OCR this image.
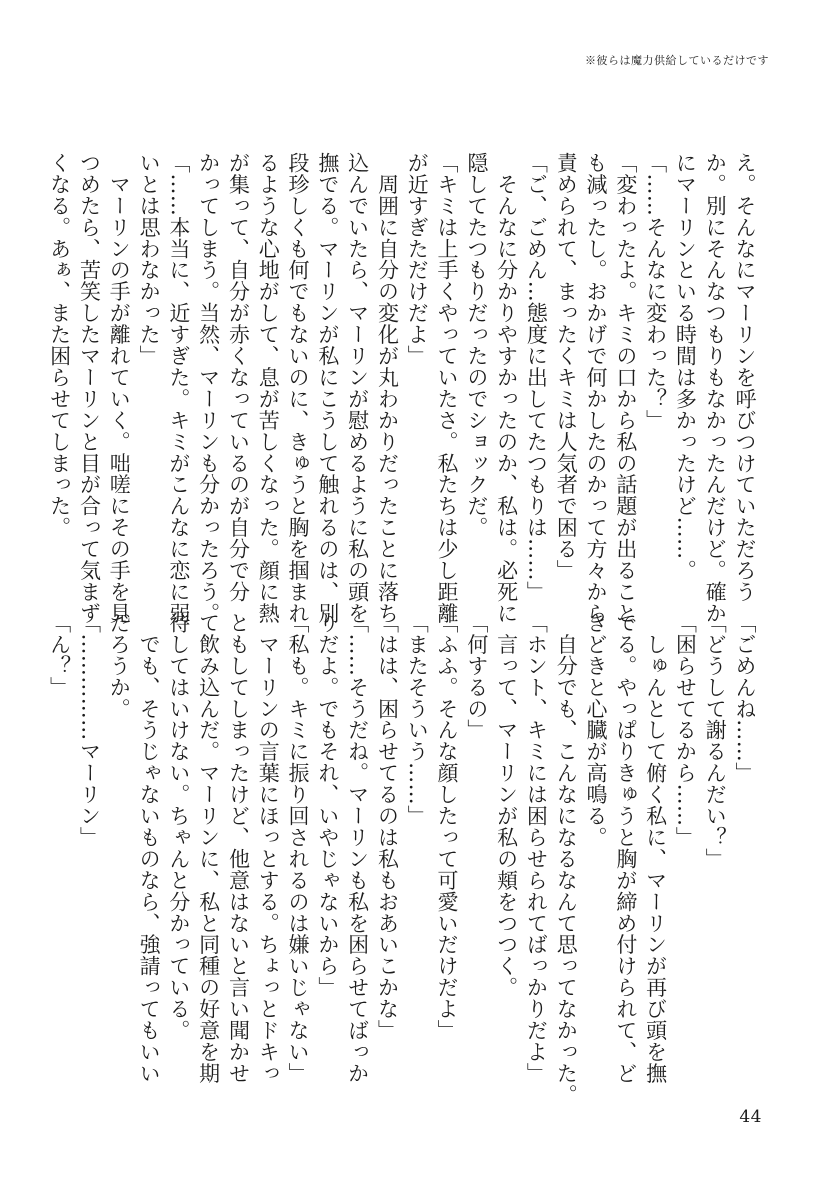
※彼らは魔力供給しているだけです
え。そんなにマーリンを呼びつけていただろう
か。別にそんなつもりもなかったんだけど。確か
にマーリンといる時間は多かったけど……。
「……そんなに変わった？」
「変わったよ。キミの口から私の話題が出ること
も減ったし。おかげで何かしたのかって方々から
責められて、まったくキミは人気者で困る」
「ご、ごめん…態度に出してたつもりは……」
　そんなに分かりやすかったのか、私は。必死に
隠してたつもりだったのでショックだ。
「キミは上手くやっていたさ。私たちは少し距離
が近すぎただけだよ」
　周囲に自分の変化が丸わかりだったことに落ち
込んでいたら、マーリンが慰めるように私の頭を
撫でる。マーリンが私にこうして触れるのは、別
段珍しくも何でもないのに、きゅうと胸を掴まれ
るような心地がして、息が苦しくなった。顔に熱
が集って、自分が赤くなっているのが自分で分
かってしまう。当然、マーリンも分かったろう。
「……本当に、近すぎた。キミがこんなに恋に弱
いとは思わなかった」
　マーリンの手が離れていく。咄嗟にその手を見
つめたら、苦笑したマーリンと目が合って気まず
くなる。あぁ、また困らせてしまった。
「ごめんね……」
「どうして謝るんだい？」
「困らせてるから……」
　しゅんとして俯く私に、マーリンが再び頭を撫
でる。やっぱりきゅうと胸が締め付けられて、ど
きどきと心臓が高鳴る。
　自分でも、こんなになるなんて思ってなかった。
「ホント、キミには困らせられてばっかりだよ」
　言って、マーリンが私の頬をつつく。
「何するの」
「ふふ。そんな顔したって可愛いだけだよ」
「またそういう……」
「はは、困らせてるのは私もおあいこかな」
「……そうだね。マーリンも私を困らせてばっか
りだよ。でもそれ、いやじゃないから」
「私も。キミに振り回されるのは嫌いじゃない」
　マーリンの言葉にほっとする。ちょっとドキっ
ともしてしまったけど、他意はないと言い聞かせ
て飲み込んだ。マーリンに、私と同種の好意を期
待してはいけない。ちゃんと分かっている。
　でも、そうじゃないものなら、強請ってもいい
だろうか。
「……………マーリン」
「ん？」
44
